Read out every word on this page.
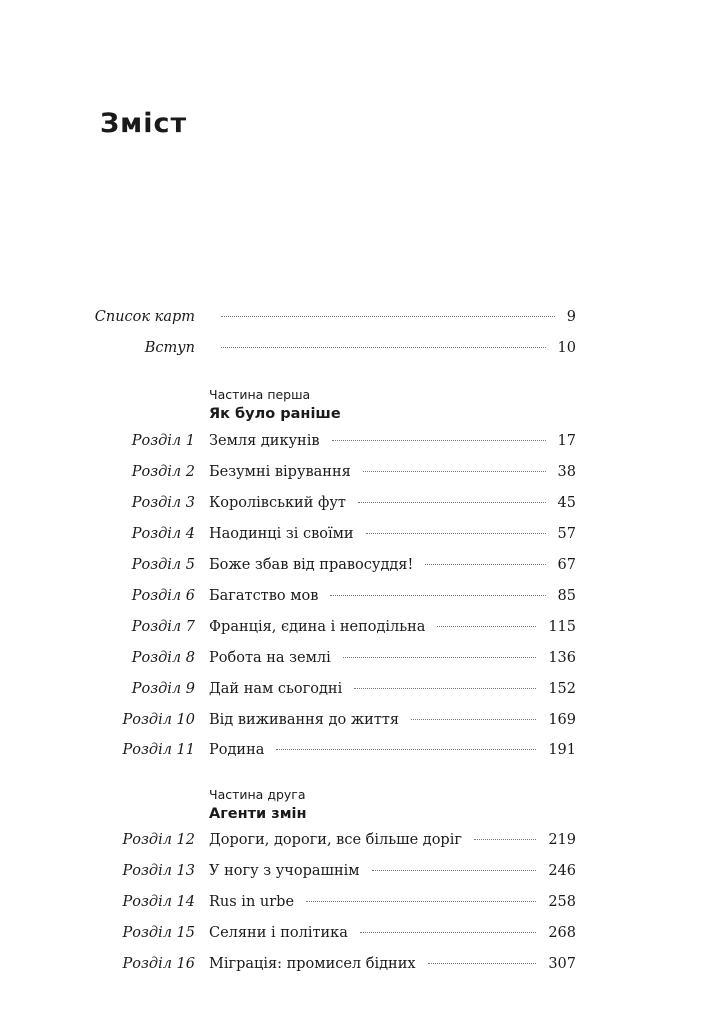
Зміст
Список карт	9
Вступ	10
Частина перша
Як було раніше
Розділ 1 Земля дикунів	17
Розділ 2 Безумні вірування	38
Розділ 3 Королівський фут	45
Розділ 4 Наодинці зі своїми	57
Розділ 5 Боже збав від правосуддя!	67
Розділ 6 Багатство мов	85
Розділ 7 Франція, єдина і неподільна	115
Розділ 8 Робота на землі	136
Розділ 9 Дай нам сьогодні	152
Розділ 10 Від виживання до життя	169
Розділ 11 Родина	191
Частина друга
Агенти змін
Розділ 12 Дороги, дороги, все більше доріг	219
Розділ 13 У ногу з учорашнім	246
Розділ 14 Rus in urbe	258
Розділ 15 Селяни і політика	268
Розділ 16 Міграція: промисел бідних	307
